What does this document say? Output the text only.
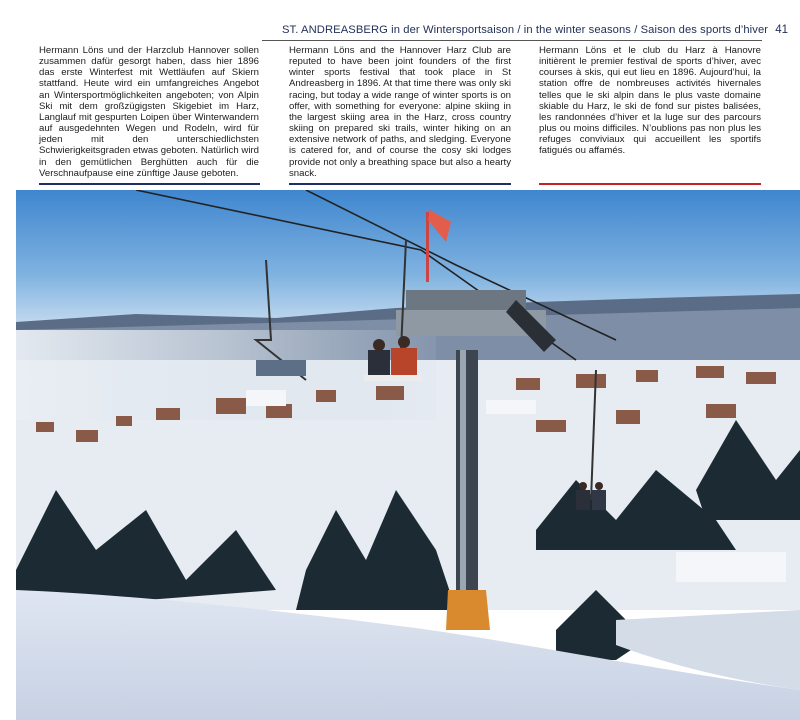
ST. ANDREASBERG in der Wintersportsaison / in the winter seasons / Saison des sports d’hiver 41

Hermann Löns und der Harzclub Hannover sollen zusammen dafür gesorgt haben, dass hier 1896 das erste Winterfest mit Wettläufen auf Skiern stattfand. Heute wird ein umfangreiches Angebot an Wintersportmöglichkeiten angeboten; von Alpin Ski mit dem großzügigsten Skigebiet im Harz, Langlauf mit gespurten Loipen über Winterwandern auf ausgedehnten Wegen und Rodeln, wird für jeden mit den unterschiedlichsten Schwierigkeitsgraden etwas geboten. Natürlich wird in den gemütlichen Berghütten auch für die Verschnaufpause eine zünftige Jause geboten.

Hermann Löns and the Hannover Harz Club are reputed to have been joint founders of the first winter sports festival that took place in St Andreasberg in 1896. At that time there was only ski racing, but today a wide range of winter sports is on offer, with something for everyone: alpine skiing in the largest skiing area in the Harz, cross country skiing on prepared ski trails, winter hiking on an extensive network of paths, and sledging. Everyone is catered for, and of course the cosy ski lodges provide not only a breathing space but also a hearty snack.

Hermann Löns et le club du Harz à Hanovre initièrent le premier festival de sports d’hiver, avec courses à skis, qui eut lieu en 1896. Aujourd’hui, la station offre de nombreuses activités hivernales telles que le ski alpin dans le plus vaste domaine skiable du Harz, le ski de fond sur pistes balisées, les randonnées d’hiver et la luge sur des parcours plus ou moins difficiles. N’oublions pas non plus les refuges conviviaux qui accueillent les sportifs fatigués ou affamés.
